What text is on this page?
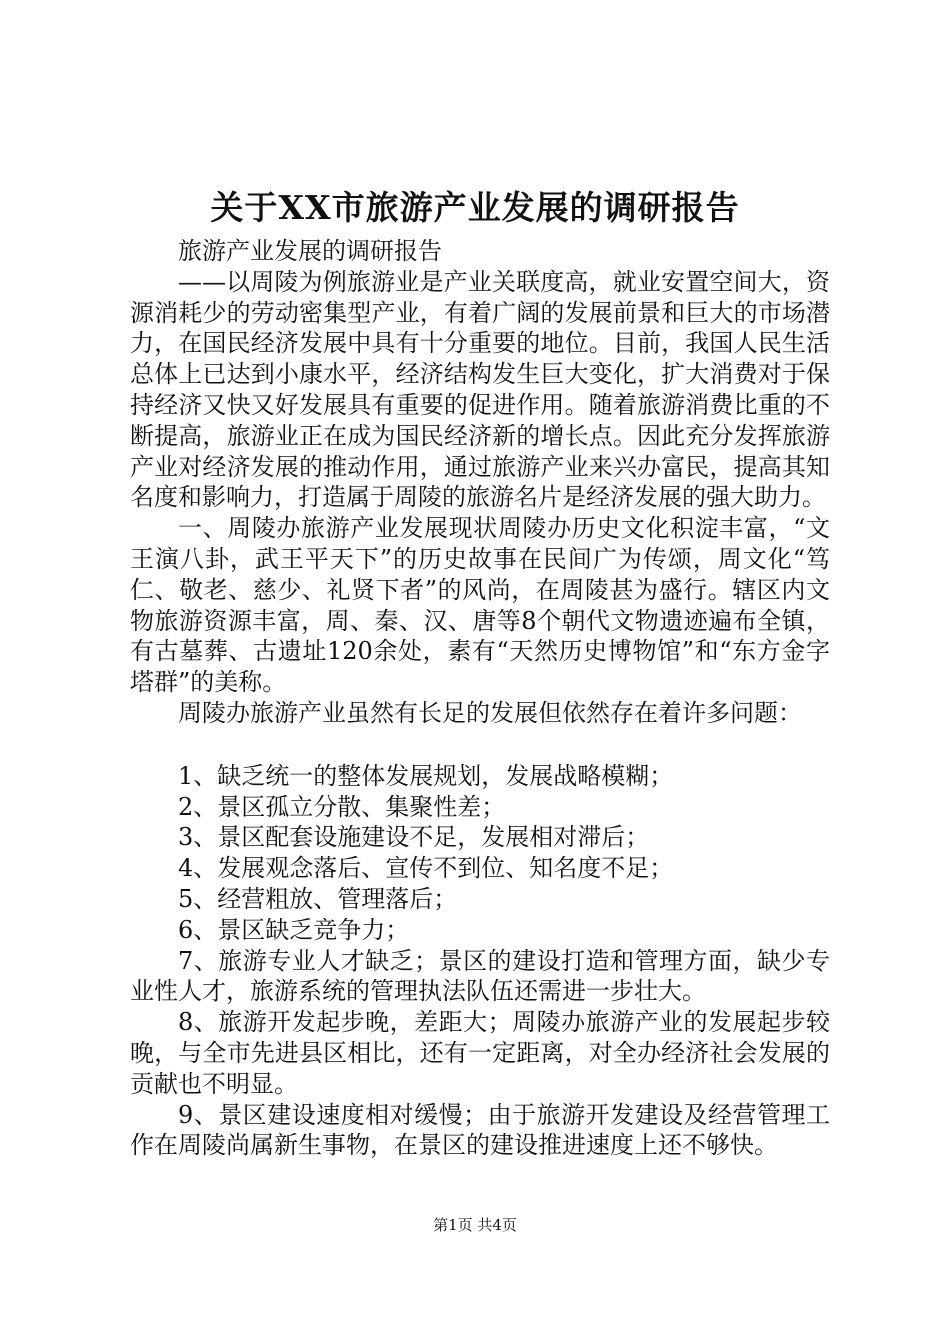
关于XX市旅游产业发展的调研报告

旅游产业发展的调研报告

——以周陵为例旅游业是产业关联度高，就业安置空间大，资源消耗少的劳动密集型产业，有着广阔的发展前景和巨大的市场潜力，在国民经济发展中具有十分重要的地位。目前，我国人民生活总体上已达到小康水平，经济结构发生巨大变化，扩大消费对于保持经济又快又好发展具有重要的促进作用。随着旅游消费比重的不断提高，旅游业正在成为国民经济新的增长点。因此充分发挥旅游产业对经济发展的推动作用，通过旅游产业来兴办富民，提高其知名度和影响力，打造属于周陵的旅游名片是经济发展的强大助力。

一、周陵办旅游产业发展现状周陵办历史文化积淀丰富，“文王演八卦，武王平天下”的历史故事在民间广为传颂，周文化“笃仁、敬老、慈少、礼贤下者”的风尚，在周陵甚为盛行。辖区内文物旅游资源丰富，周、秦、汉、唐等8个朝代文物遗迹遍布全镇，有古墓葬、古遗址120余处，素有“天然历史博物馆”和“东方金字塔群”的美称。

周陵办旅游产业虽然有长足的发展但依然存在着许多问题：

1、缺乏统一的整体发展规划，发展战略模糊；

2、景区孤立分散、集聚性差；

3、景区配套设施建设不足，发展相对滞后；

4、发展观念落后、宣传不到位、知名度不足；

5、经营粗放、管理落后；

6、景区缺乏竞争力；

7、旅游专业人才缺乏；景区的建设打造和管理方面，缺少专业性人才，旅游系统的管理执法队伍还需进一步壮大。

8、旅游开发起步晚，差距大；周陵办旅游产业的发展起步较晚，与全市先进县区相比，还有一定距离，对全办经济社会发展的贡献也不明显。

9、景区建设速度相对缓慢；由于旅游开发建设及经营管理工作在周陵尚属新生事物，在景区的建设推进速度上还不够快。

第1页 共4页
